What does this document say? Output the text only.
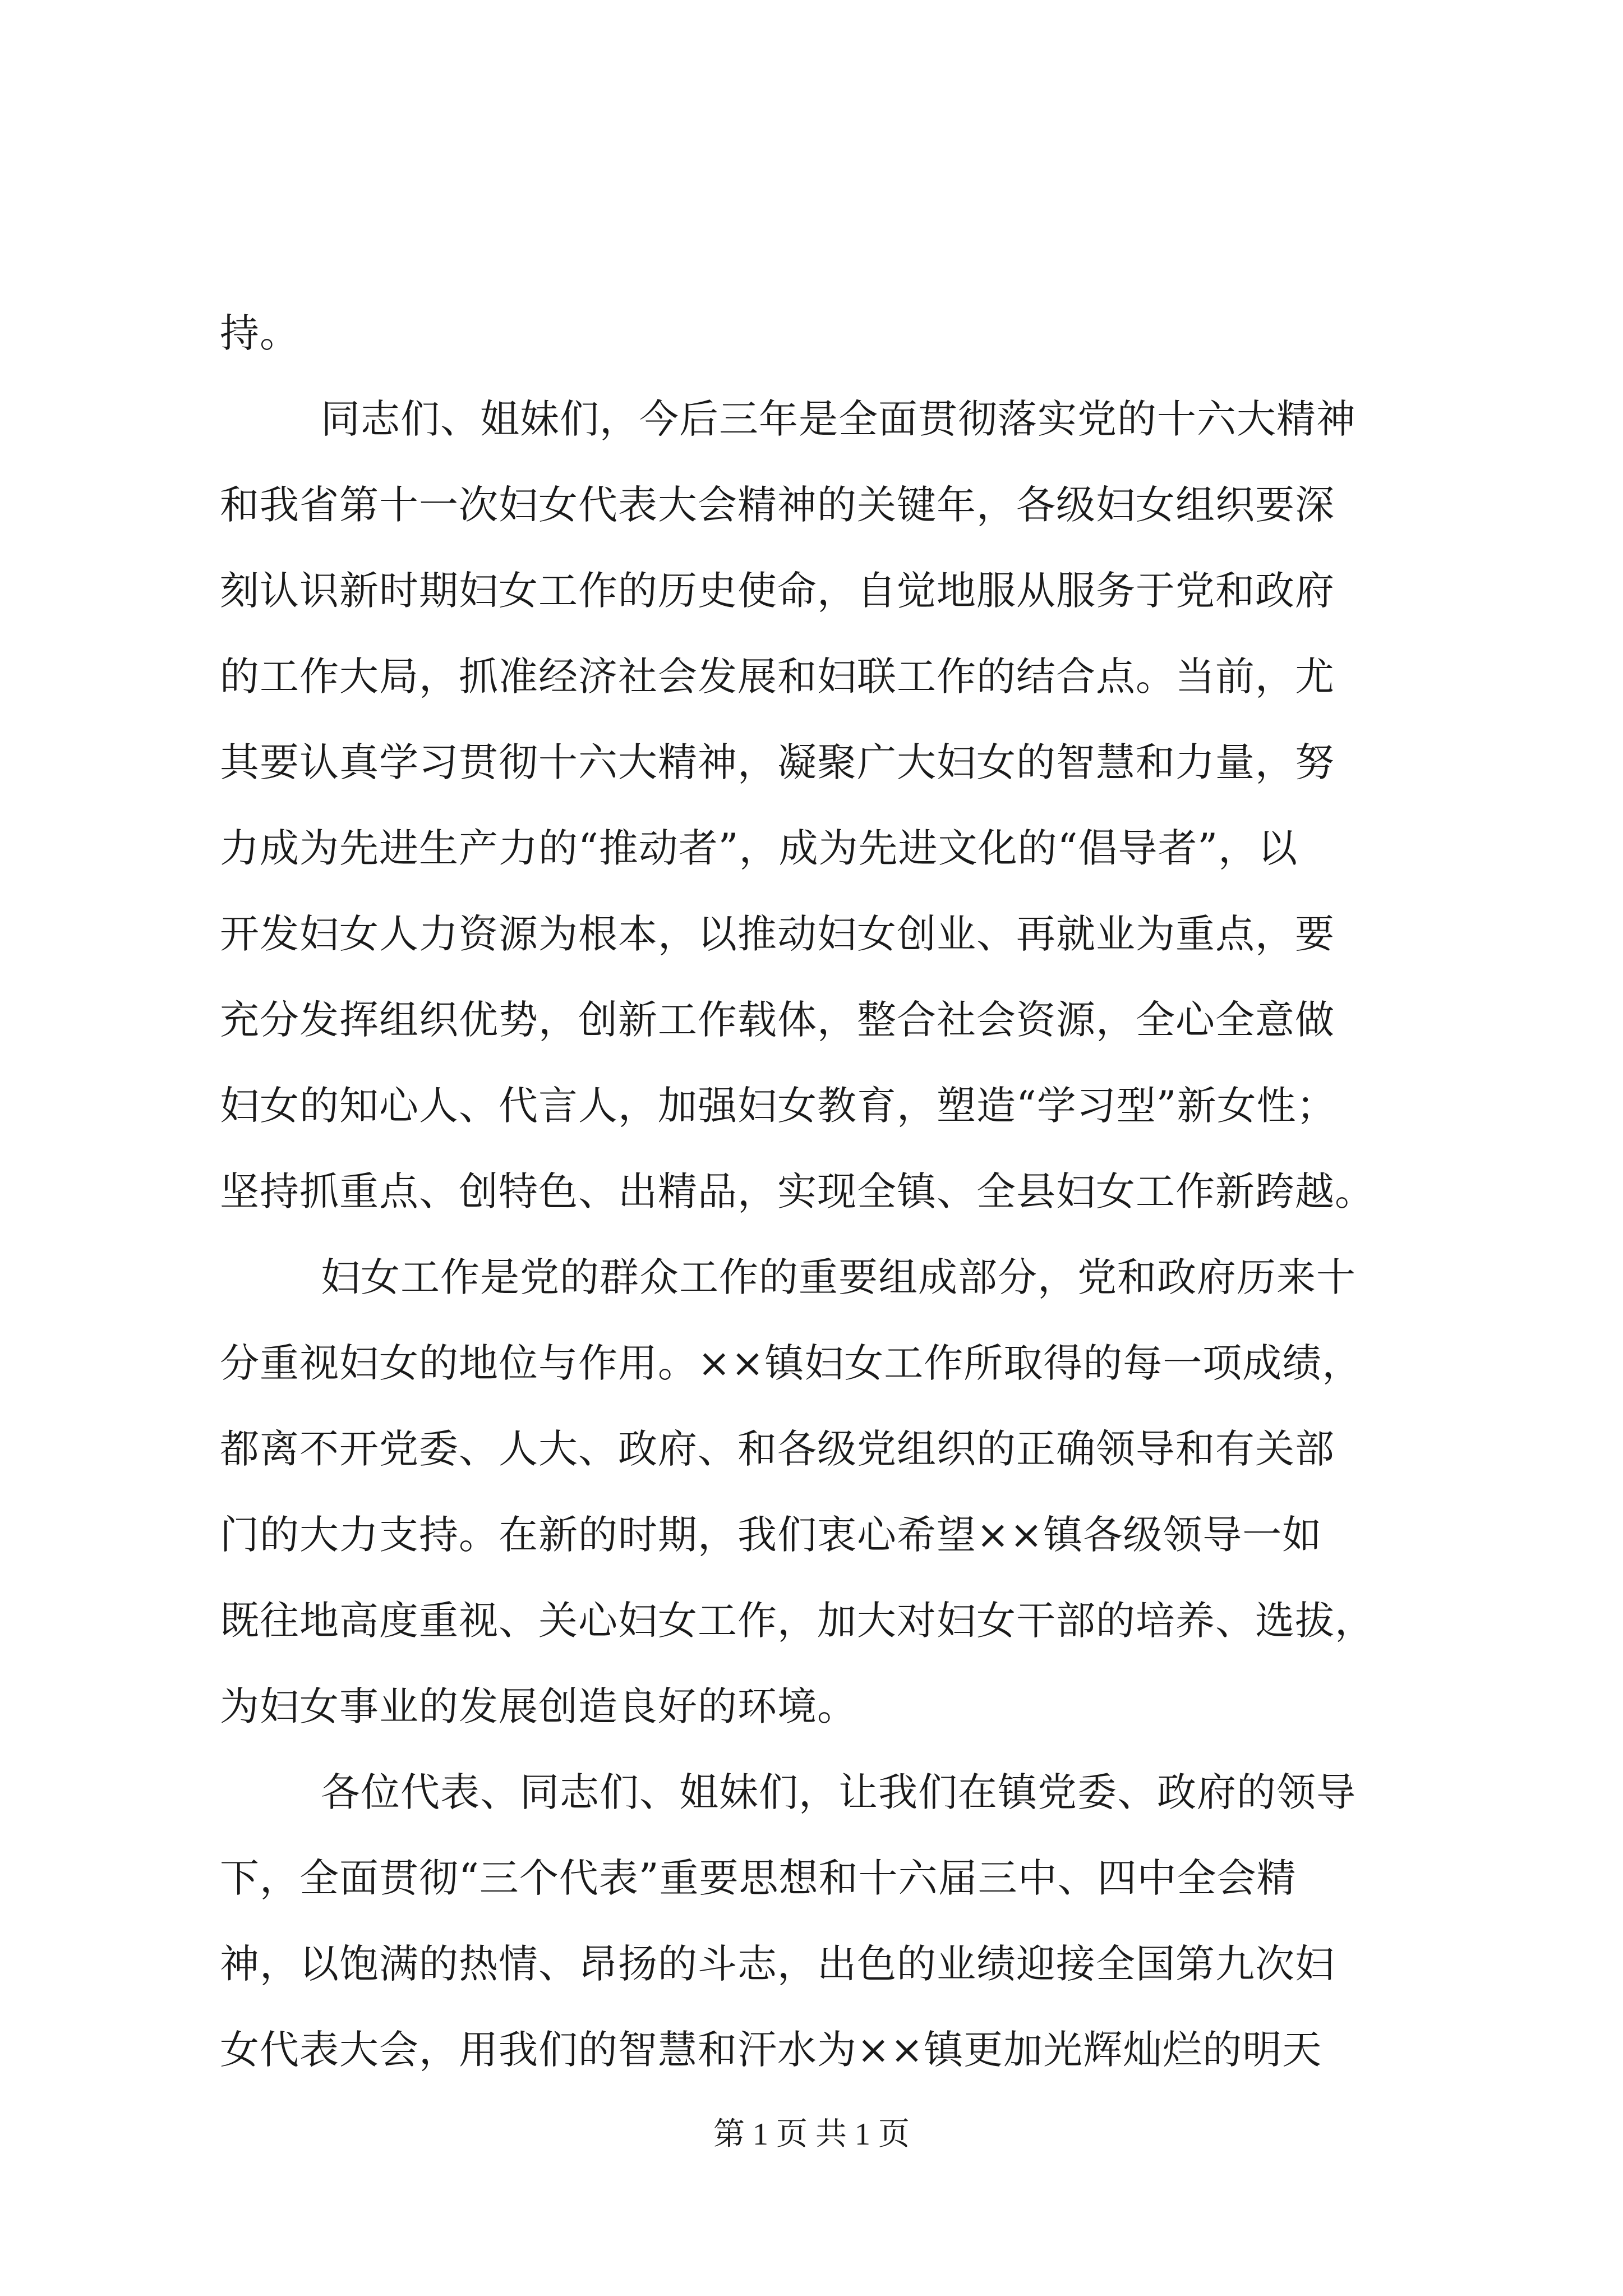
持。
同志们、姐妹们，今后三年是全面贯彻落实党的十六大精神
和我省第十一次妇女代表大会精神的关键年，各级妇女组织要深
刻认识新时期妇女工作的历史使命，自觉地服从服务于党和政府
的工作大局，抓准经济社会发展和妇联工作的结合点。当前，尤
其要认真学习贯彻十六大精神，凝聚广大妇女的智慧和力量，努
力成为先进生产力的“推动者”，成为先进文化的“倡导者”，以
开发妇女人力资源为根本，以推动妇女创业、再就业为重点，要
充分发挥组织优势，创新工作载体，整合社会资源，全心全意做
妇女的知心人、代言人，加强妇女教育，塑造“学习型”新女性；
坚持抓重点、创特色、出精品，实现全镇、全县妇女工作新跨越。
妇女工作是党的群众工作的重要组成部分，党和政府历来十
分重视妇女的地位与作用。××镇妇女工作所取得的每一项成绩，
都离不开党委、人大、政府、和各级党组织的正确领导和有关部
门的大力支持。在新的时期，我们衷心希望××镇各级领导一如
既往地高度重视、关心妇女工作，加大对妇女干部的培养、选拔，
为妇女事业的发展创造良好的环境。
各位代表、同志们、姐妹们，让我们在镇党委、政府的领导
下，全面贯彻“三个代表”重要思想和十六届三中、四中全会精
神，以饱满的热情、昂扬的斗志，出色的业绩迎接全国第九次妇
女代表大会，用我们的智慧和汗水为××镇更加光辉灿烂的明天
第 1 页 共 1 页
